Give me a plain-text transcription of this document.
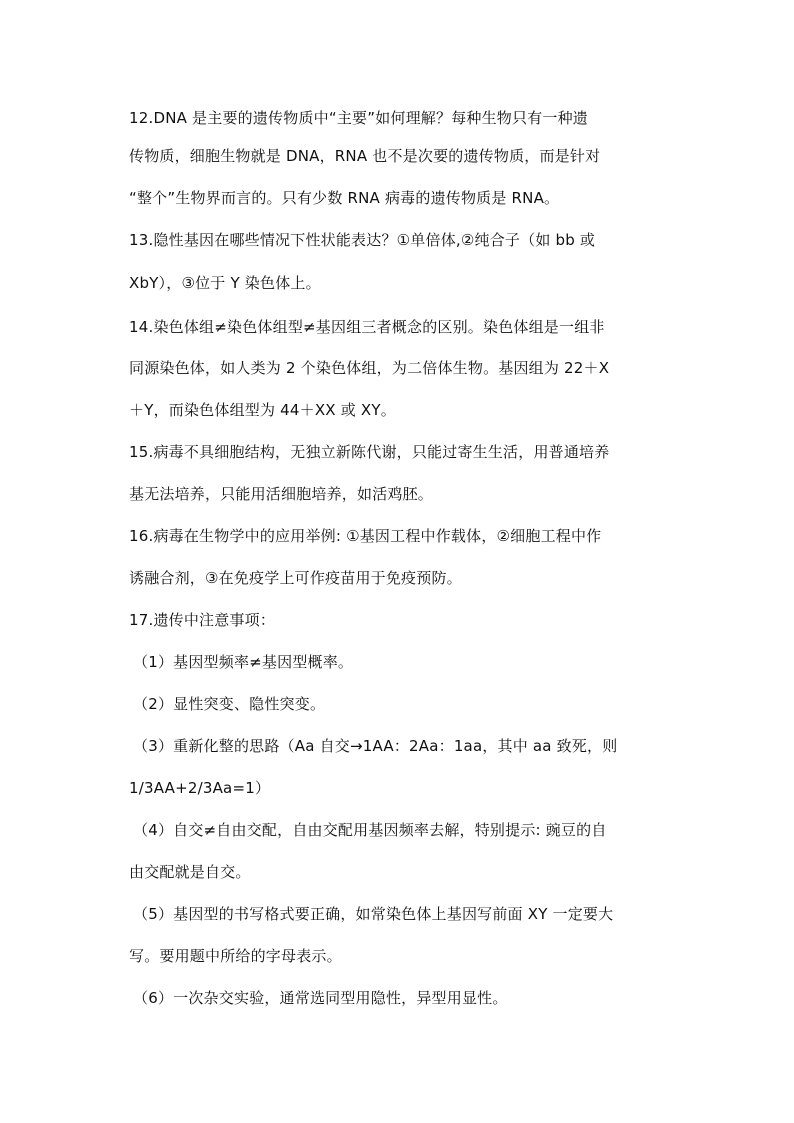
12.DNA 是主要的遗传物质中“主要”如何理解？每种生物只有一种遗
传物质，细胞生物就是 DNA，RNA 也不是次要的遗传物质，而是针对
“整个”生物界而言的。只有少数 RNA 病毒的遗传物质是 RNA。
13.隐性基因在哪些情况下性状能表达？①单倍体,②纯合子（如 bb 或
XbY），③位于 Y 染色体上。
14.染色体组≠染色体组型≠基因组三者概念的区别。染色体组是一组非
同源染色体，如人类为 2 个染色体组，为二倍体生物。基因组为 22＋X
＋Y，而染色体组型为 44＋XX 或 XY。
15.病毒不具细胞结构，无独立新陈代谢，只能过寄生生活，用普通培养
基无法培养，只能用活细胞培养，如活鸡胚。
16.病毒在生物学中的应用举例: ①基因工程中作载体，②细胞工程中作
诱融合剂，③在免疫学上可作疫苗用于免疫预防。
17.遗传中注意事项：
（1）基因型频率≠基因型概率。
（2）显性突变、隐性突变。
（3）重新化整的思路（Aa 自交→1AA：2Aa：1aa，其中 aa 致死，则
1/3AA+2/3Aa=1）
（4）自交≠自由交配，自由交配用基因频率去解，特别提示: 豌豆的自
由交配就是自交。
（5）基因型的书写格式要正确，如常染色体上基因写前面 XY 一定要大
写。要用题中所给的字母表示。
（6）一次杂交实验，通常选同型用隐性，异型用显性。
